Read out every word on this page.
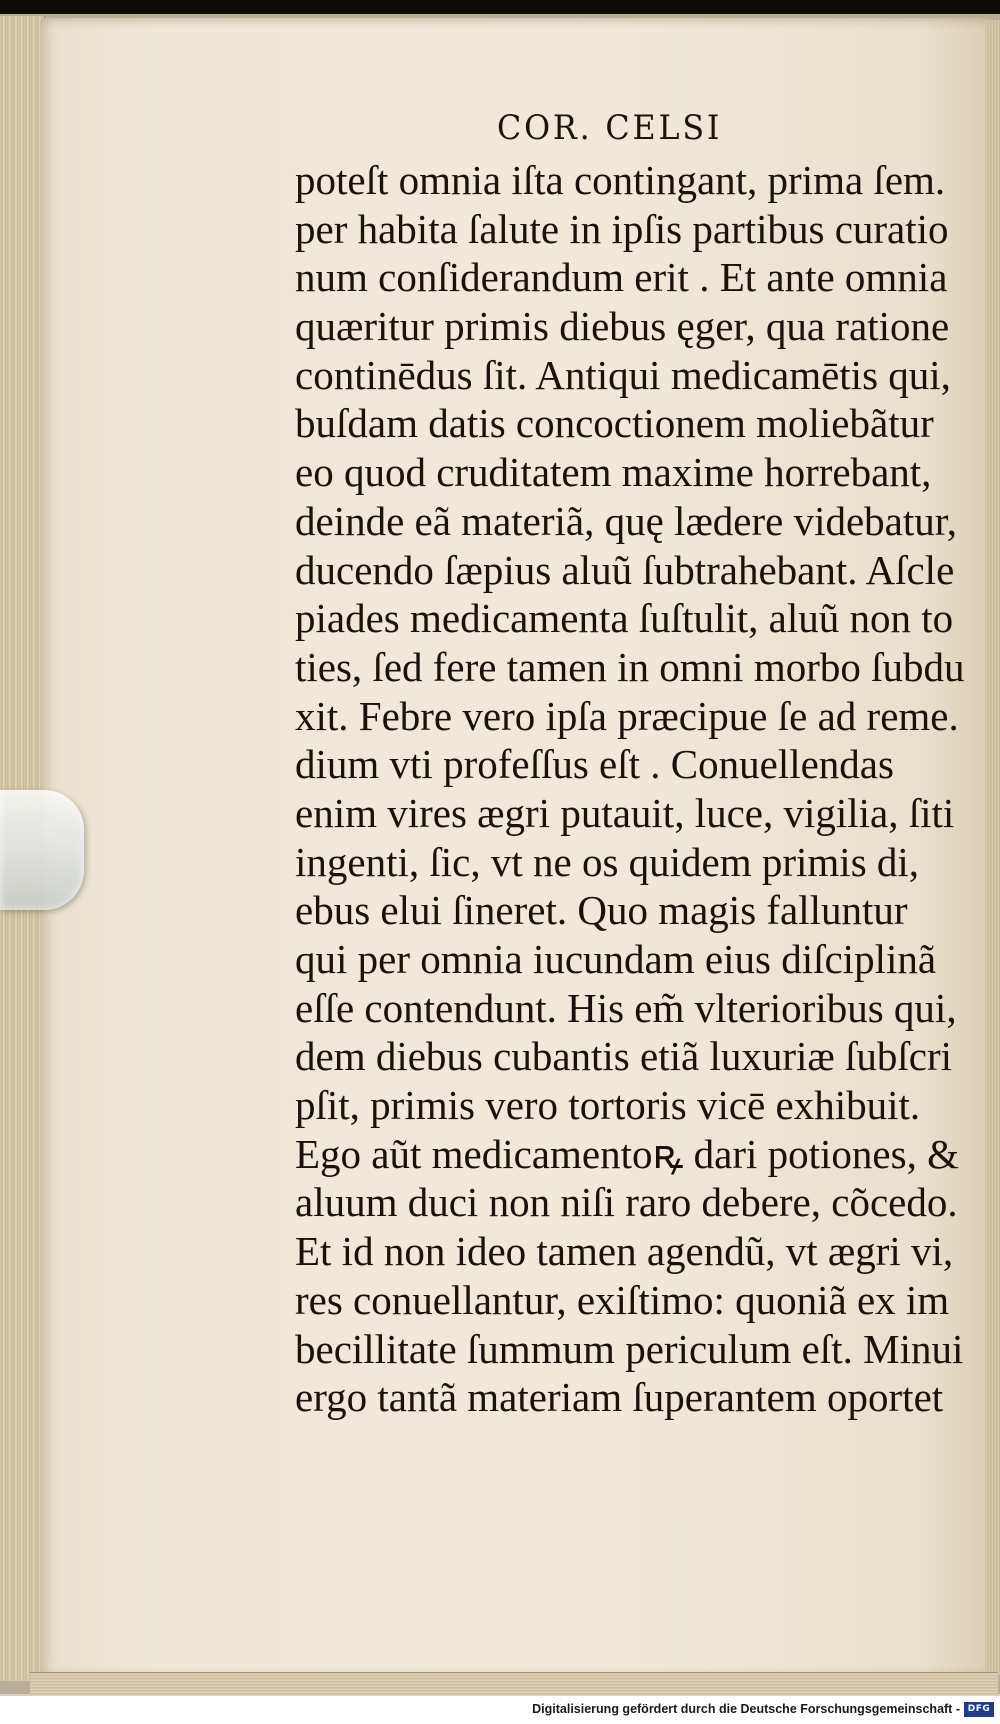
COR. CELSI
poteſt omnia iſta contingant, prima ſem.
per habita ſalute in ipſis partibus curatio
num conſiderandum erit . Et ante omnia
quæritur primis diebus ęger, qua ratione
continēdus ſit. Antiqui medicamētis qui,
buſdam datis concoctionem moliebãtur
eo quod cruditatem maxime horrebant,
deinde eã materiã, quę lædere videbatur,
ducendo ſæpius aluũ ſubtrahebant. Aſcle
piades medicamenta ſuſtulit, aluũ non to
ties, ſed fere tamen in omni morbo ſubdu
xit. Febre vero ipſa præcipue ſe ad reme.
dium vti profeſſus eſt . Conuellendas
enim vires ægri putauit, luce, vigilia, ſiti
ingenti, ſic, vt ne os quidem primis di,
ebus elui ſineret. Quo magis falluntur
qui per omnia iucundam eius diſciplinã
eſſe contendunt. His em̃ vlterioribus qui,
dem diebus cubantis etiã luxuriæ ſubſcri
pſit, primis vero tortoris vicē exhibuit.
Ego aũt medicamentoꝶ dari potiones, &
aluum duci non niſi raro debere, cõcedo.
Et id non ideo tamen agendũ, vt ægri vi,
res conuellantur, exiſtimo: quoniã ex im
becillitate ſummum periculum eſt. Minui
ergo tantã materiam ſuperantem oportet
Digitalisierung gefördert durch die Deutsche Forschungsgemeinschaft - DFG
